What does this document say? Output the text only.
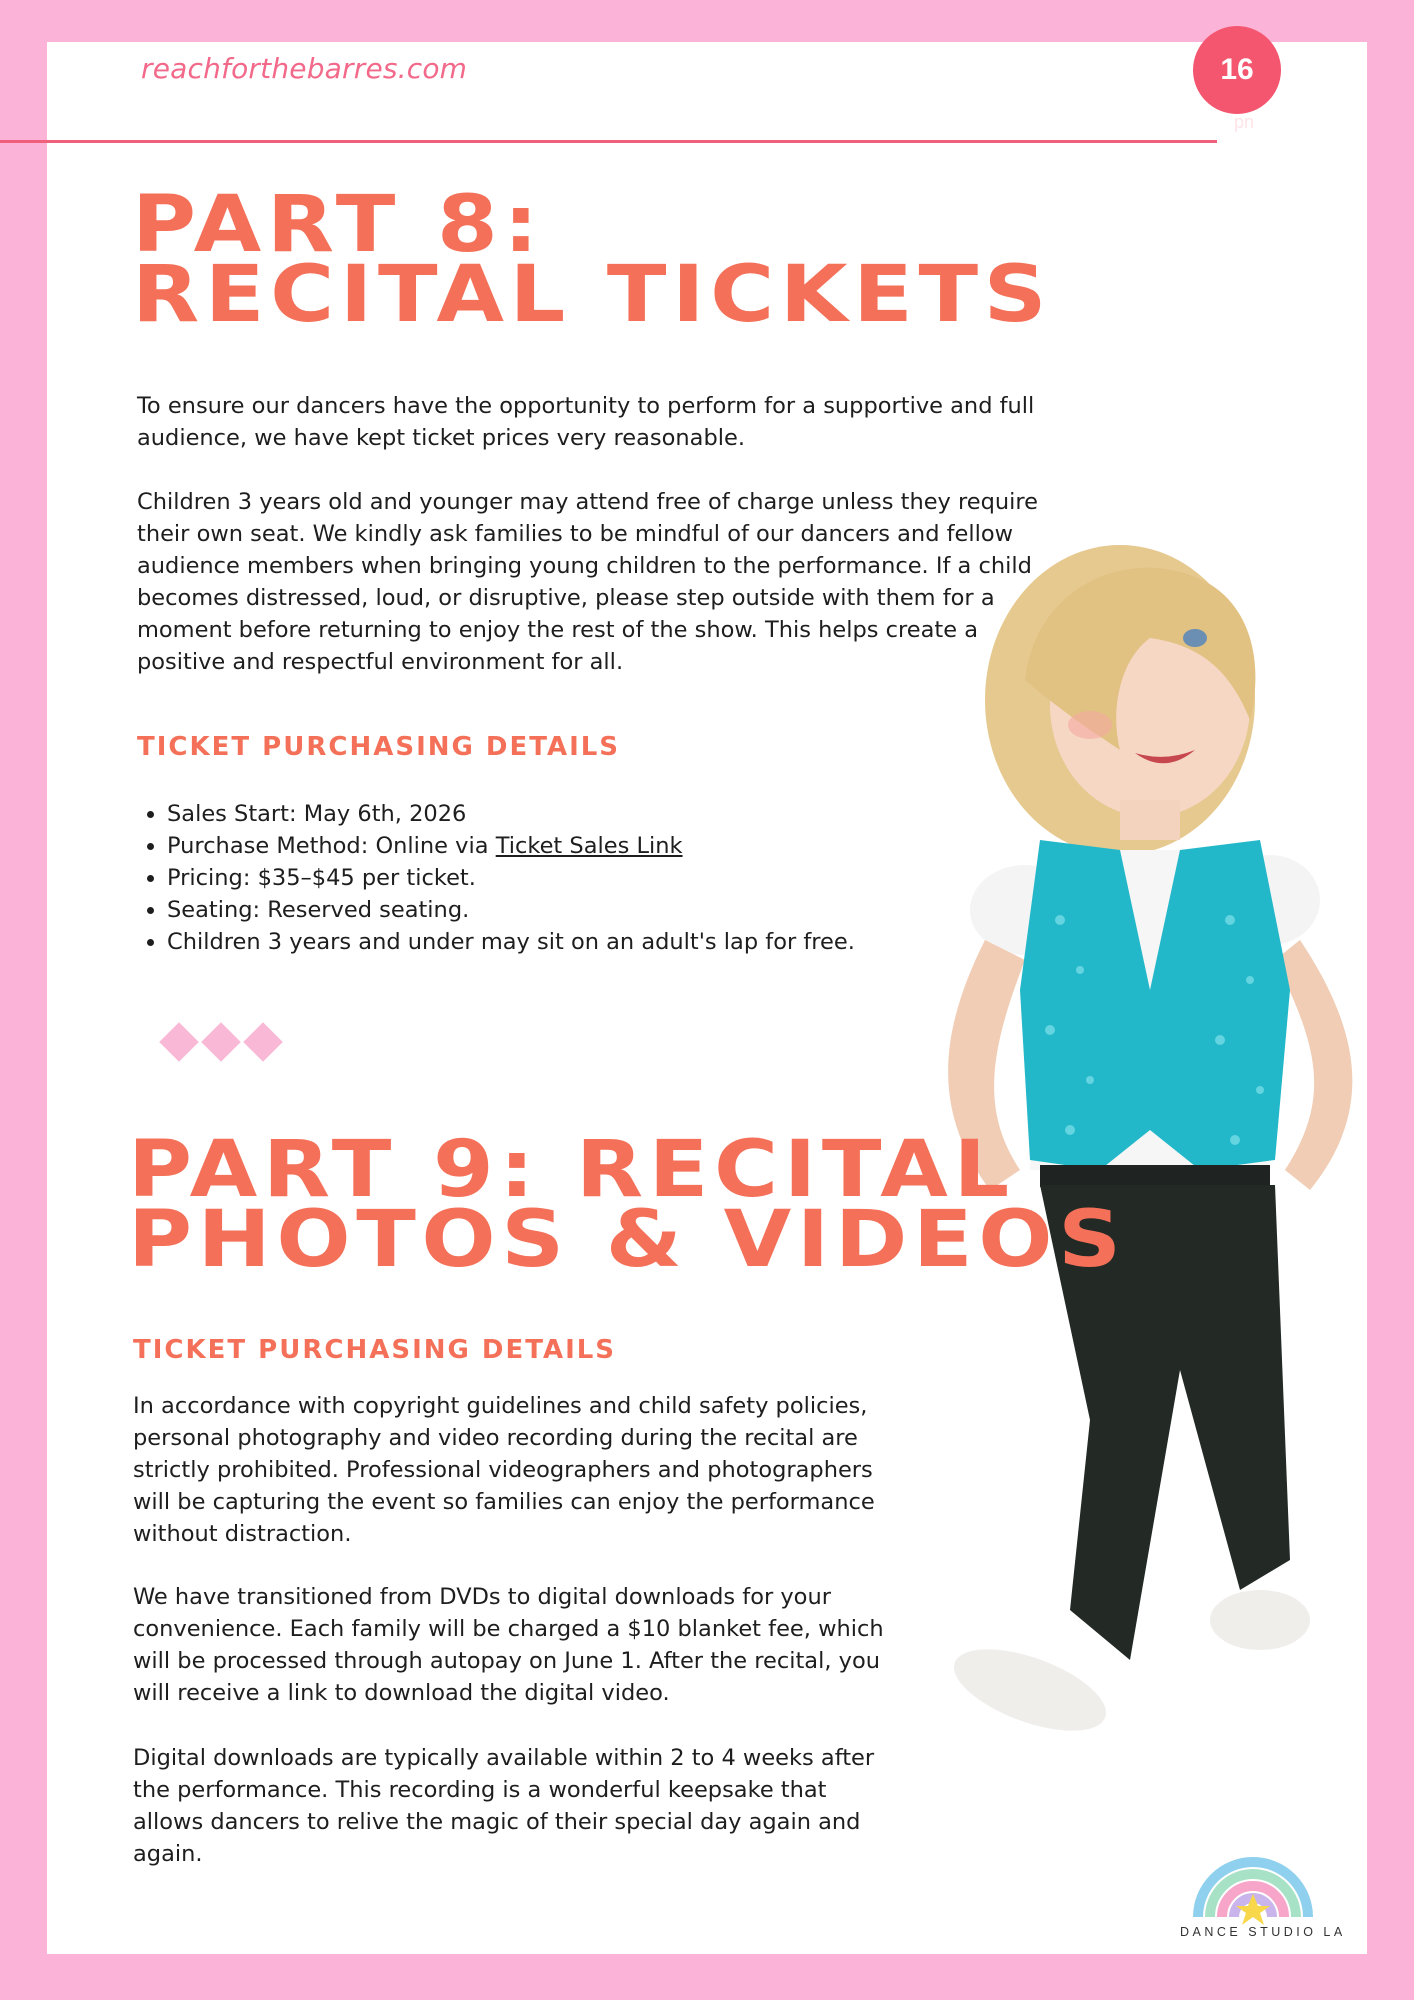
reachforthebarres.com	16
pn
PART 8:
RECITAL TICKETS

To ensure our dancers have the opportunity to perform for a supportive and full audience, we have kept ticket prices very reasonable.

Children 3 years old and younger may attend free of charge unless they require their own seat. We kindly ask families to be mindful of our dancers and fellow audience members when bringing young children to the performance. If a child becomes distressed, loud, or disruptive, please step outside with them for a moment before returning to enjoy the rest of the show. This helps create a positive and respectful environment for all.

TICKET PURCHASING DETAILS
• Sales Start: May 6th, 2026
• Purchase Method: Online via Ticket Sales Link
• Pricing: $35–$45 per ticket.
• Seating: Reserved seating.
• Children 3 years and under may sit on an adult's lap for free.
PART 9: RECITAL
PHOTOS & VIDEOS
TICKET PURCHASING DETAILS

In accordance with copyright guidelines and child safety policies, personal photography and video recording during the recital are strictly prohibited. Professional videographers and photographers will be capturing the event so families can enjoy the performance without distraction.

We have transitioned from DVDs to digital downloads for your convenience. Each family will be charged a $10 blanket fee, which will be processed through autopay on June 1. After the recital, you will receive a link to download the digital video.

Digital downloads are typically available within 2 to 4 weeks after the performance. This recording is a wonderful keepsake that allows dancers to relive the magic of their special day again and again.

DANCE STUDIO LA
